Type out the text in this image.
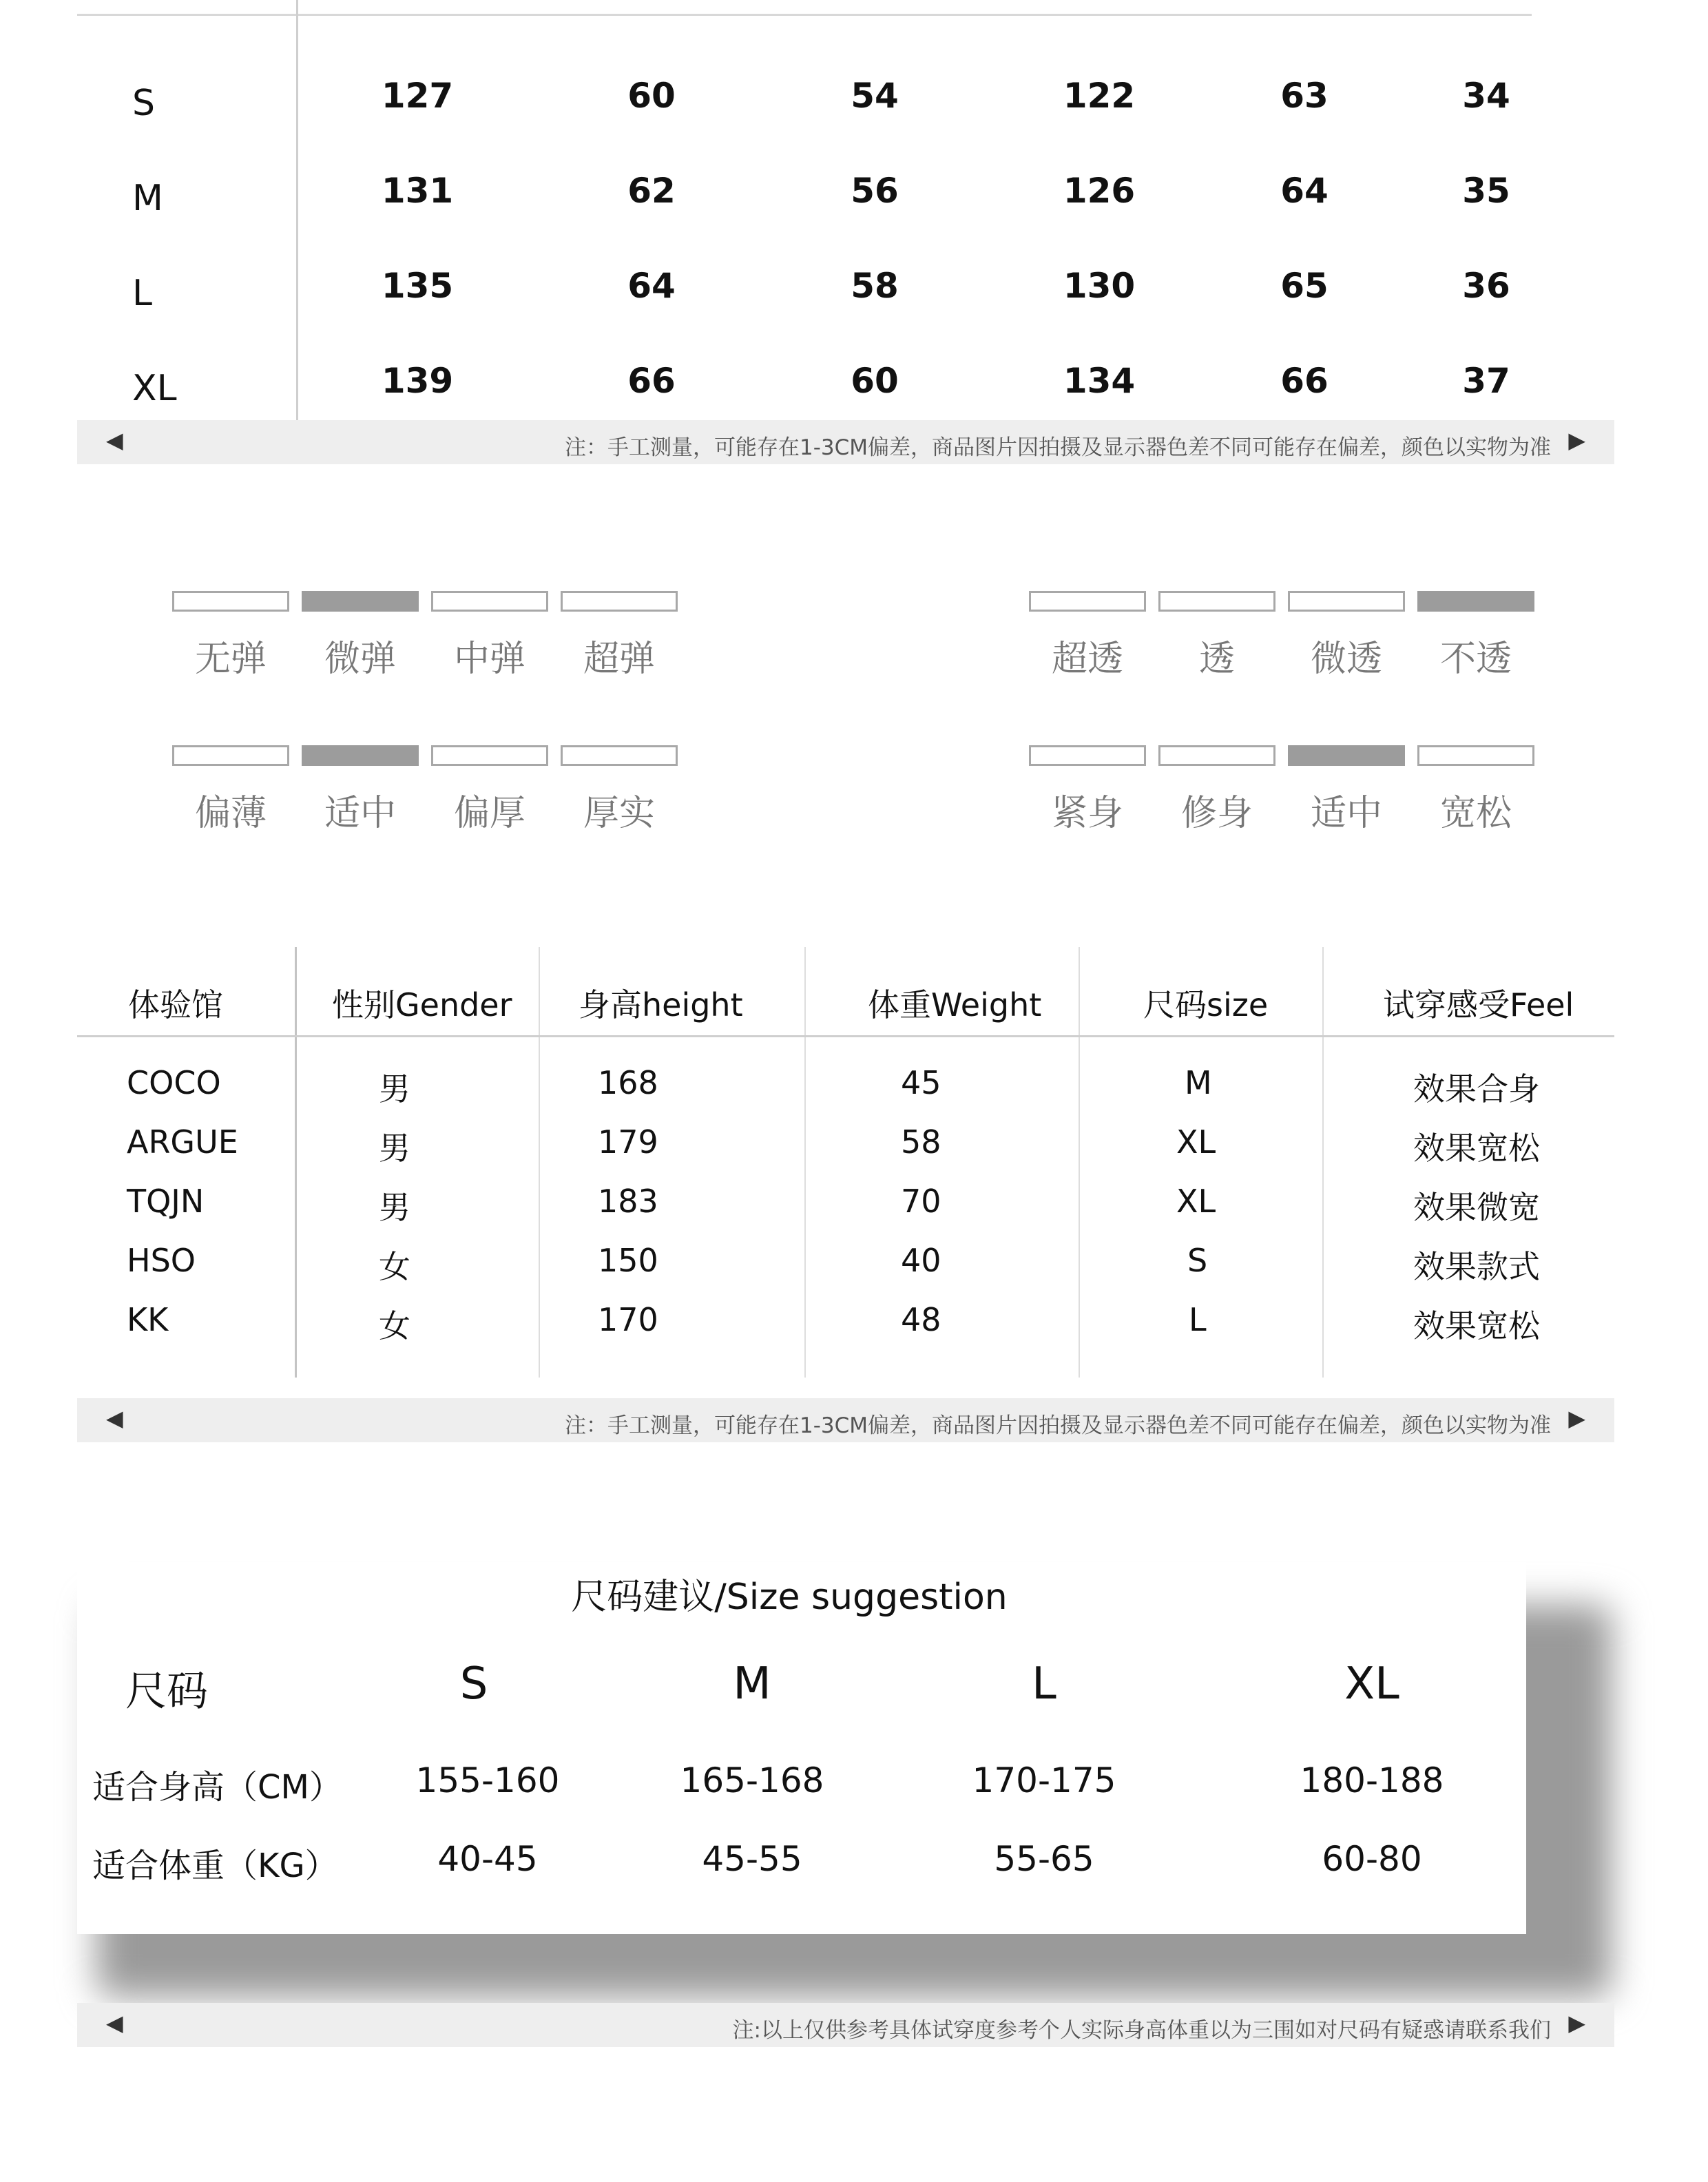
S	127	60	54	122	63	34
M	131	62	56	126	64	35
L	135	64	58	130	65	36
XL	139	66	60	134	66	37
◀	注：手工测量，可能存在1-3CM偏差，商品图片因拍摄及显示器色差不同可能存在偏差，颜色以实物为准 ▶
无弹	微弹	中弹	超弹	超透	透	微透	不透
偏薄	适中	偏厚	厚实	紧身	修身	适中	宽松
体验馆	性别Gender 身高height	体重Weight	尺码size	试穿感受Feel
COCO	男	168	45	M	效果合身
ARGUE	男	179	58	XL	效果宽松
TQJN	男	183	70	XL	效果微宽
HSO	女	150	40	S	效果款式
KK	女	170	48	L	效果宽松
◀	注：手工测量，可能存在1-3CM偏差，商品图片因拍摄及显示器色差不同可能存在偏差，颜色以实物为准 ▶
尺码建议/Size suggestion
尺码	S	M	L	XL
适合身高（CM）	155-160	165-168	170-175	180-188
适合体重（KG）	40-45	45-55	55-65	60-80
◀	注:以上仅供参考具体试穿度参考个人实际身高体重以为三围如对尺码有疑惑请联系我们 ▶
